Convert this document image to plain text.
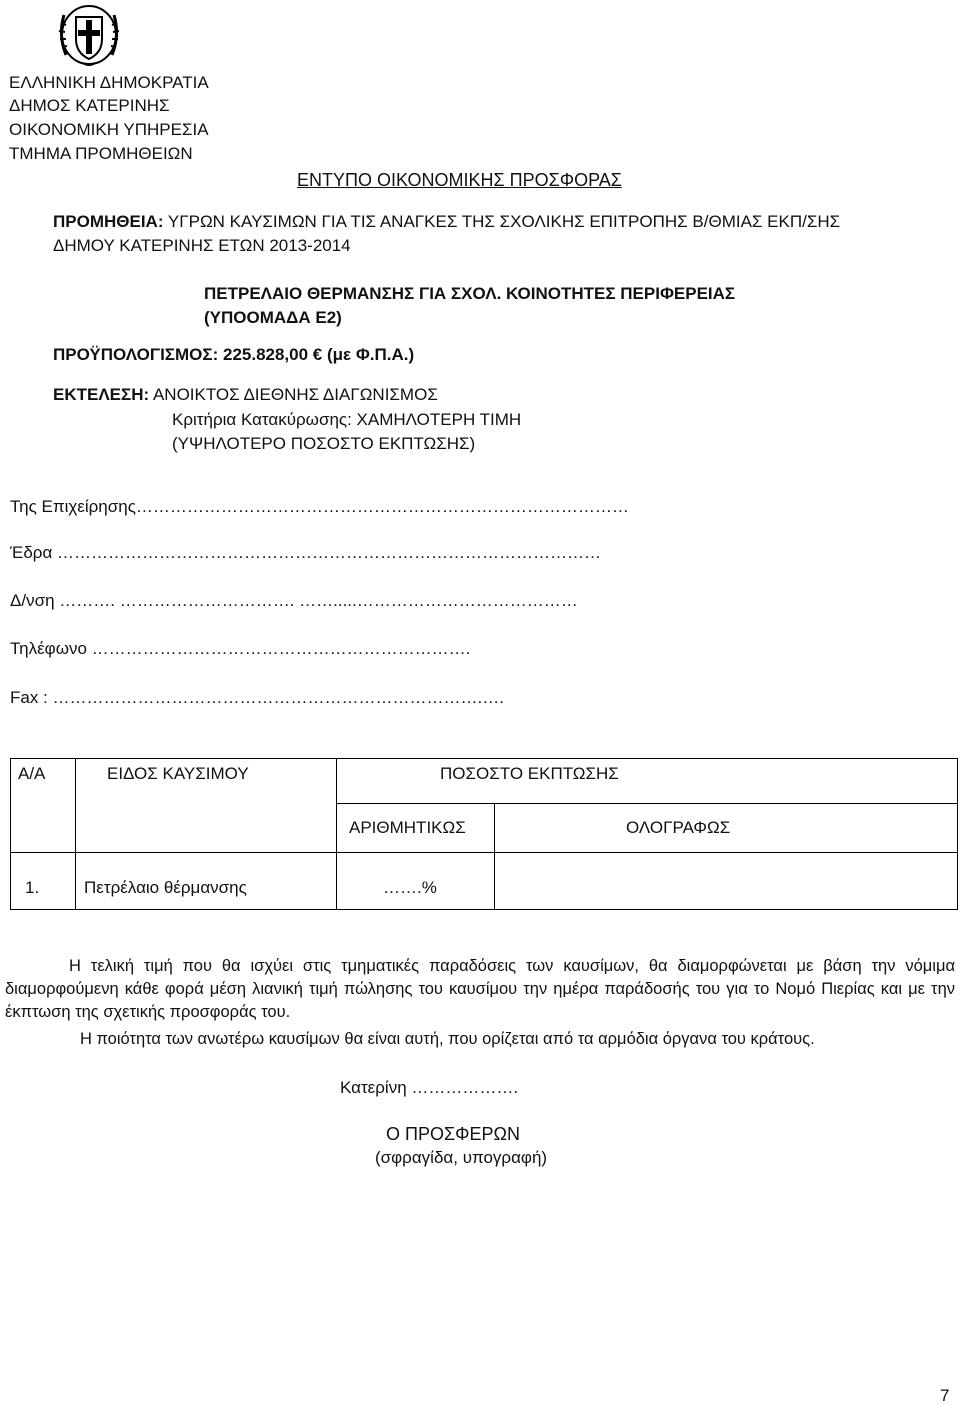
ΕΛΛΗΝΙΚΗ ΔΗΜΟΚΡΑΤΙΑ
ΔΗΜΟΣ ΚΑΤΕΡΙΝΗΣ
ΟΙΚΟΝΟΜΙΚΗ ΥΠΗΡΕΣΙΑ
ΤΜΗΜΑ ΠΡΟΜΗΘΕΙΩΝ
ΕΝΤΥΠΟ ΟΙΚΟΝΟΜΙΚΗΣ ΠΡΟΣΦΟΡΑΣ
ΠΡΟΜΗΘΕΙΑ: ΥΓΡΩΝ ΚΑΥΣΙΜΩΝ ΓΙΑ ΤΙΣ ΑΝΑΓΚΕΣ ΤΗΣ ΣΧΟΛΙΚΗΣ ΕΠΙΤΡΟΠΗΣ Β/ΘΜΙΑΣ ΕΚΠ/ΣΗΣ
ΔΗΜΟΥ ΚΑΤΕΡΙΝΗΣ ΕΤΩΝ 2013-2014
ΠΕΤΡΕΛΑΙΟ ΘΕΡΜΑΝΣΗΣ ΓΙΑ ΣΧΟΛ. ΚΟΙΝΟΤΗΤΕΣ ΠΕΡΙΦΕΡΕΙΑΣ
(ΥΠΟΟΜΑΔΑ Ε2)
ΠΡΟΫΠΟΛΟΓΙΣΜΟΣ: 225.828,00 € (με Φ.Π.Α.)
ΕΚΤΕΛΕΣΗ: ΑΝΟΙΚΤΟΣ ΔΙΕΘΝΗΣ ΔΙΑΓΩΝΙΣΜΟΣ
Κριτήρια Κατακύρωσης: ΧΑΜΗΛΟΤΕΡΗ ΤΙΜΗ
(ΥΨΗΛΟΤΕΡΟ ΠΟΣΟΣΤΟ ΕΚΠΤΩΣΗΣ)
Της Επιχείρησης……………………………………………………………………………
Έδρα ……………………………………………………………………………………
Δ/νση ………. …………………………. …….....…………………………………
Τηλέφωνο ………………………………………………………….
Fax : ………………………………………………………………….….
Α/Α	ΕΙΔΟΣ ΚΑΥΣΙΜΟΥ	ΠΟΣΟΣΤΟ ΕΚΠΤΩΣΗΣ
ΑΡΙΘΜΗΤΙΚΩΣ	ΟΛΟΓΡΑΦΩΣ
1.	Πετρέλαιο θέρμανσης	…….%
Η τελική τιμή που θα ισχύει στις τμηματικές παραδόσεις των καυσίμων, θα διαμορφώνεται με βάση την νόμιμα διαμορφούμενη κάθε φορά μέση λιανική τιμή πώλησης του καυσίμου την ημέρα παράδοσής του για το Νομό Πιερίας και με την έκπτωση της σχετικής προσφοράς του.
Η ποιότητα των ανωτέρω καυσίμων θα είναι αυτή, που ορίζεται από τα αρμόδια όργανα του κράτους.
Κατερίνη ……………….
Ο ΠΡΟΣΦΕΡΩΝ
(σφραγίδα, υπογραφή)
7
